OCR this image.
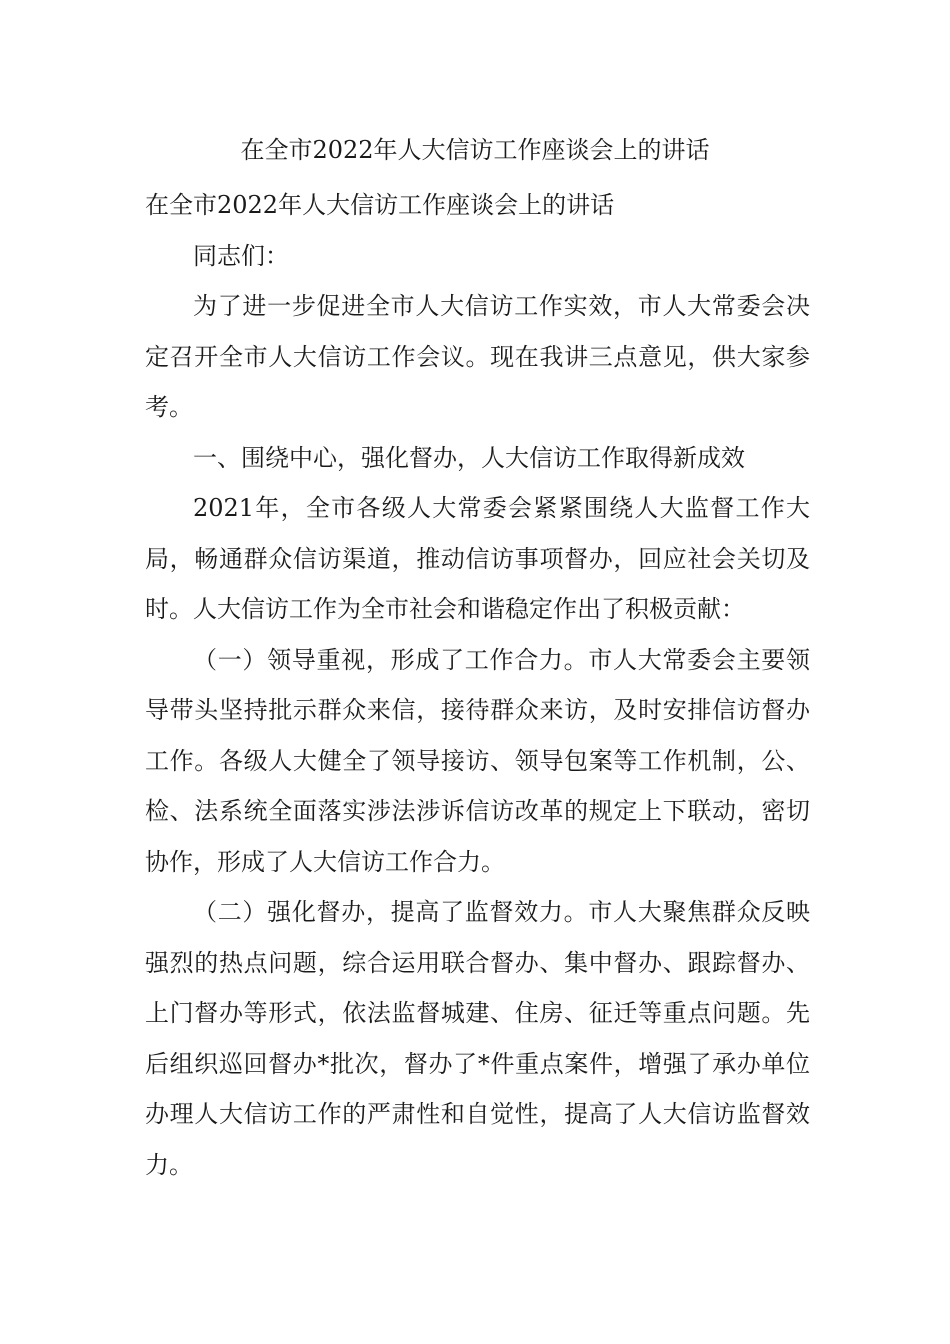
在全市2022年人大信访工作座谈会上的讲话

在全市2022年人大信访工作座谈会上的讲话

同志们：

为了进一步促进全市人大信访工作实效，市人大常委会决定召开全市人大信访工作会议。现在我讲三点意见，供大家参考。

一、围绕中心，强化督办，人大信访工作取得新成效

2021年，全市各级人大常委会紧紧围绕人大监督工作大局，畅通群众信访渠道，推动信访事项督办，回应社会关切及时。人大信访工作为全市社会和谐稳定作出了积极贡献：

（一）领导重视，形成了工作合力。市人大常委会主要领导带头坚持批示群众来信，接待群众来访，及时安排信访督办工作。各级人大健全了领导接访、领导包案等工作机制，公、检、法系统全面落实涉法涉诉信访改革的规定上下联动，密切协作，形成了人大信访工作合力。

（二）强化督办，提高了监督效力。市人大聚焦群众反映强烈的热点问题，综合运用联合督办、集中督办、跟踪督办、上门督办等形式，依法监督城建、住房、征迁等重点问题。先后组织巡回督办*批次，督办了*件重点案件，增强了承办单位办理人大信访工作的严肃性和自觉性，提高了人大信访监督效力。
